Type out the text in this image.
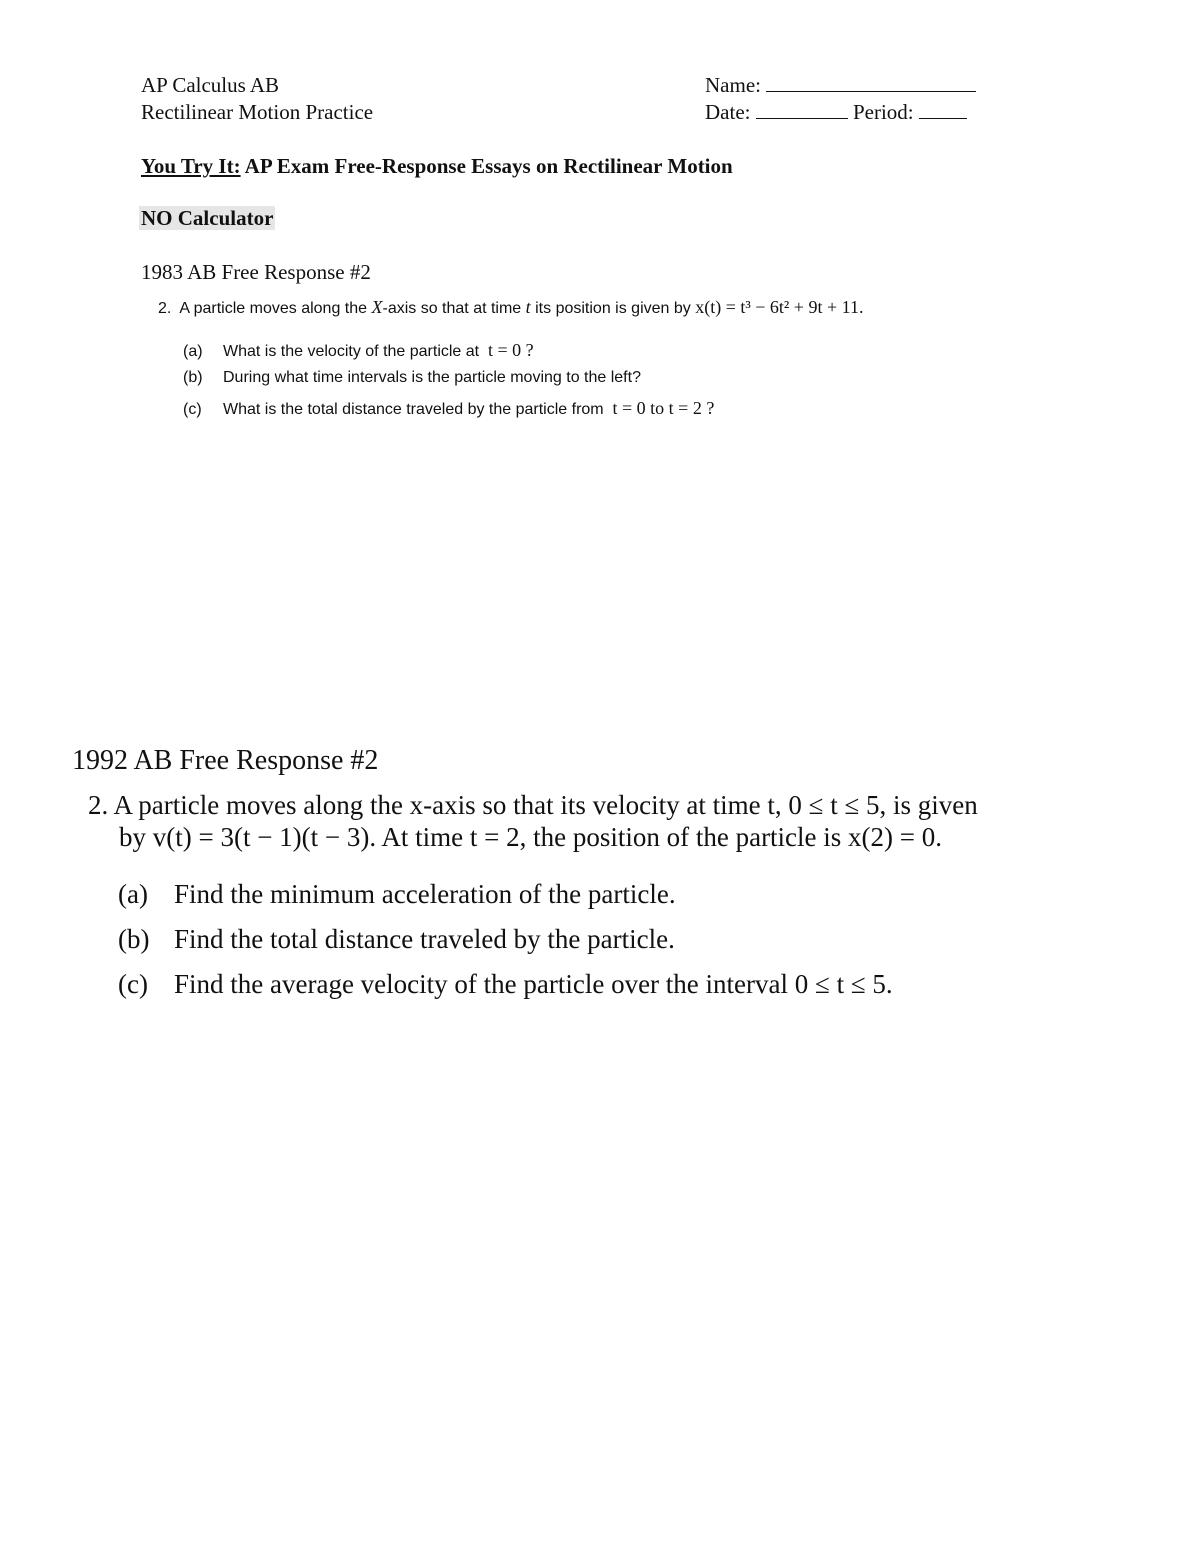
AP Calculus AB
Rectilinear Motion Practice
Name:
Date:	Period:
You Try It: AP Exam Free-Response Essays on Rectilinear Motion
NO Calculator
1983 AB Free Response #2
2. A particle moves along the X-axis so that at time t its position is given by x(t) = t³ − 6t² + 9t + 11.
(a) What is the velocity of the particle at t = 0 ?
(b) During what time intervals is the particle moving to the left?
(c) What is the total distance traveled by the particle from t = 0 to t = 2 ?
1992 AB Free Response #2
2. A particle moves along the x-axis so that its velocity at time t, 0 ≤ t ≤ 5, is given
by v(t) = 3(t − 1)(t − 3). At time t = 2, the position of the particle is x(2) = 0.
(a) Find the minimum acceleration of the particle.
(b) Find the total distance traveled by the particle.
(c) Find the average velocity of the particle over the interval 0 ≤ t ≤ 5.
